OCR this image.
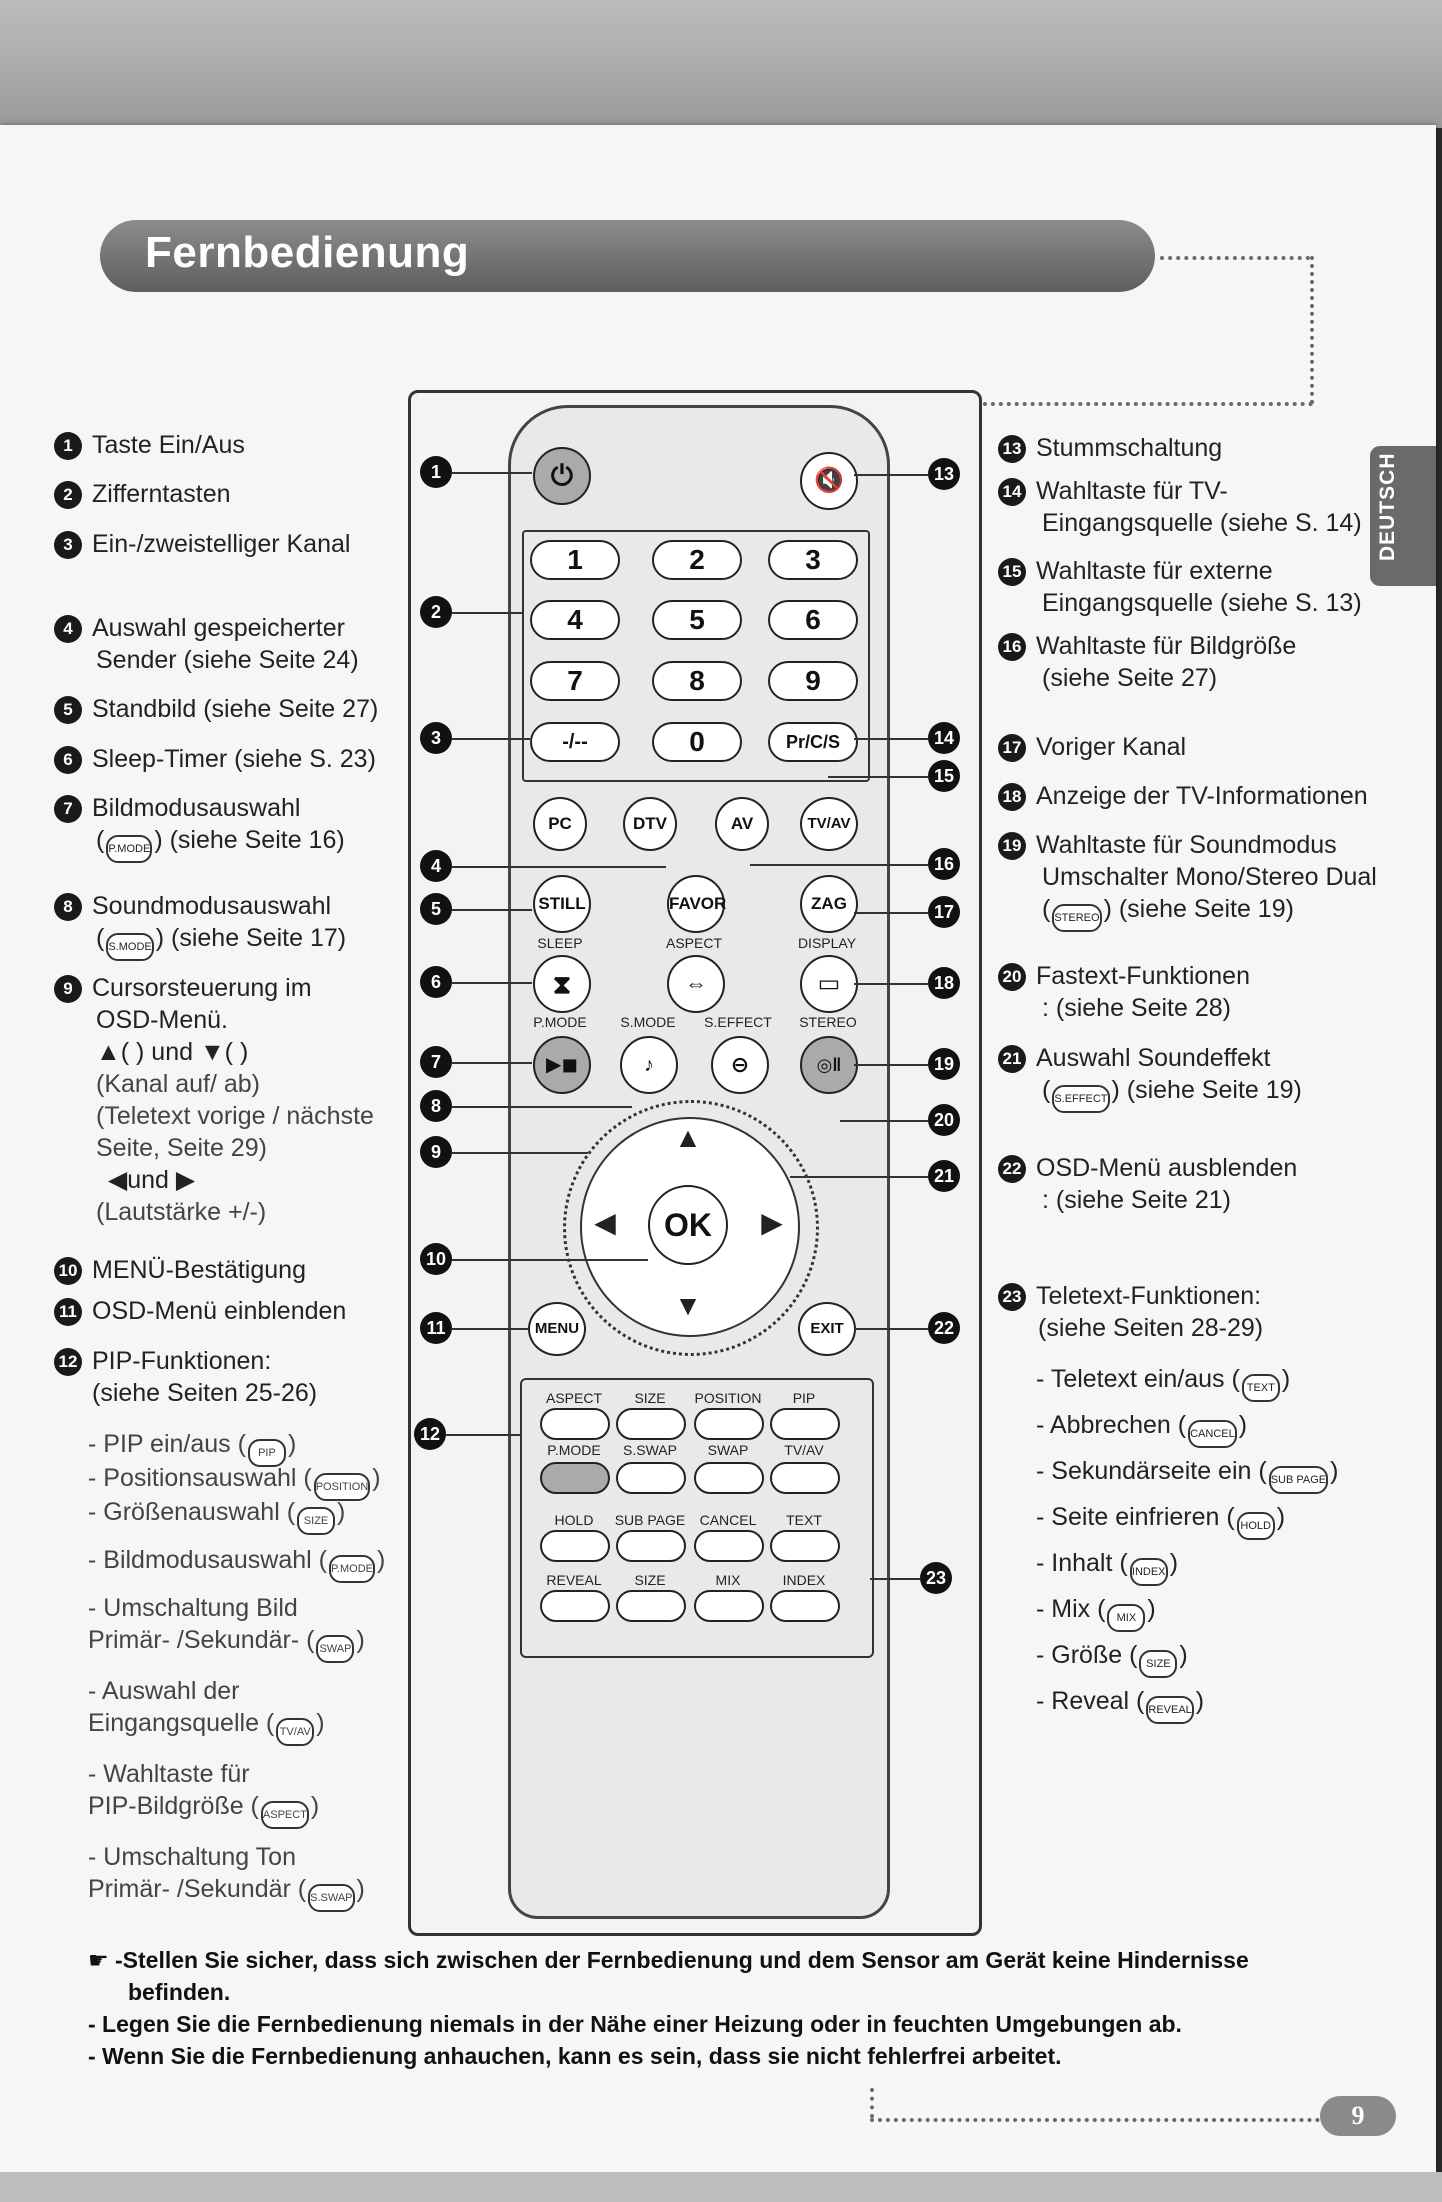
Fernbedienung
DEUTSCH
1 Taste Ein/Aus
2 Zifferntasten
3 Ein-/zweistelliger Kanal
4 Auswahl gespeicherter
Sender (siehe Seite 24)
5 Standbild (siehe Seite 27)
6 Sleep-Timer (siehe S. 23)
7 Bildmodusauswahl
( P.MODE ) (siehe Seite 16)
8 Soundmodusauswahl
( S.MODE ) (siehe Seite 17)
9 Cursorsteuerung im
OSD-Menü.
▲( ) und ▼( )
(Kanal auf/ ab)
(Teletext vorige / nächste
Seite, Seite 29)
◀und ▶
(Lautstärke +/-)
10 MENÜ-Bestätigung
11 OSD-Menü einblenden
12 PIP-Funktionen:
(siehe Seiten 25-26)
- PIP ein/aus ( PIP )
- Positionsauswahl ( POSITION )
- Größenauswahl ( SIZE )
- Bildmodusauswahl ( P.MODE )
- Umschaltung Bild
Primär- /Sekundär- ( SWAP )
- Auswahl der
Eingangsquelle ( TV/AV )
- Wahltaste für
PIP-Bildgröße ( ASPECT )
- Umschaltung Ton
Primär- /Sekundär ( S.SWAP )
13 Stummschaltung
14 Wahltaste für TV-
Eingangsquelle (siehe S. 14)
15 Wahltaste für externe
Eingangsquelle (siehe S. 13)
16 Wahltaste für Bildgröße
(siehe Seite 27)
17 Voriger Kanal
18 Anzeige der TV-Informationen
19 Wahltaste für Soundmodus
Umschalter Mono/Stereo Dual
( STEREO ) (siehe Seite 19)
20 Fastext-Funktionen
: (siehe Seite 28)
21 Auswahl Soundeffekt
( S.EFFECT ) (siehe Seite 19)
22 OSD-Menü ausblenden
: (siehe Seite 21)
23 Teletext-Funktionen:
(siehe Seiten 28-29)
- Teletext ein/aus ( TEXT )
- Abbrechen ( CANCEL )
- Sekundärseite ein ( SUB PAGE )
- Seite einfrieren ( HOLD )
- Inhalt ( INDEX )
- Mix ( MIX )
- Größe ( SIZE )
- Reveal ( REVEAL )
⏻	🔇
1	2	3
4	5	6
7	8	9
-/--	0	Pr/C/S
PC	DTV	AV	TV/AV
STILL	FAVOR	ZAG
SLEEP	ASPECT	DISPLAY
⧗	⇔	▭
P.MODE	S.MODE	S.EFFECT	STEREO
▶◼	♪	⊖	◎‖
OK
▲
▼
◀	▶
MENU	EXIT
ASPECT	SIZE	POSITION	PIP
P.MODE	S.SWAP	SWAP	TV/AV
HOLD	SUB PAGE	CANCEL	TEXT
REVEAL	SIZE	MIX	INDEX
1
2
3
4
5
6
7
8
9
10
11
12
13
14
15
16
17
18
19
20
21
22
23
☛ -Stellen Sie sicher, dass sich zwischen der Fernbedienung und dem Sensor am Gerät keine Hindernisse
befinden.
- Legen Sie die Fernbedienung niemals in der Nähe einer Heizung oder in feuchten Umgebungen ab.
- Wenn Sie die Fernbedienung anhauchen, kann es sein, dass sie nicht fehlerfrei arbeitet.
9
